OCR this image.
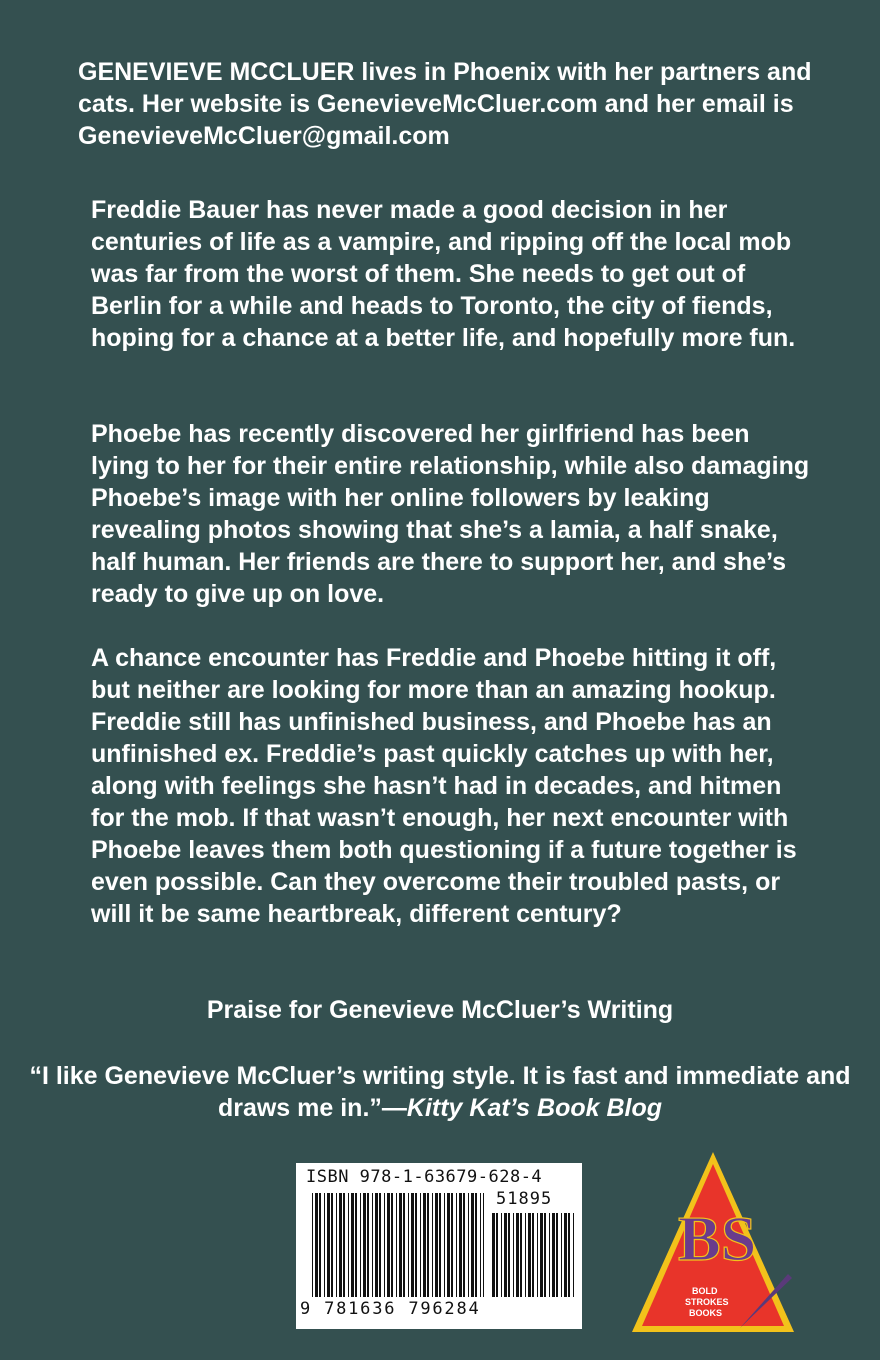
GENEVIEVE MCCLUER lives in Phoenix with her partners and cats. Her website is GenevieveMcCluer.com and her email is GenevieveMcCluer@gmail.com

Freddie Bauer has never made a good decision in her centuries of life as a vampire, and ripping off the local mob was far from the worst of them. She needs to get out of Berlin for a while and heads to Toronto, the city of fiends, hoping for a chance at a better life, and hopefully more fun.

Phoebe has recently discovered her girlfriend has been lying to her for their entire relationship, while also damaging Phoebe’s image with her online followers by leaking revealing photos showing that she’s a lamia, a half snake, half human. Her friends are there to support her, and she’s ready to give up on love.

A chance encounter has Freddie and Phoebe hitting it off, but neither are looking for more than an amazing hookup. Freddie still has unfinished business, and Phoebe has an unfinished ex. Freddie’s past quickly catches up with her, along with feelings she hasn’t had in decades, and hitmen for the mob. If that wasn’t enough, her next encounter with Phoebe leaves them both questioning if a future together is even possible. Can they overcome their troubled pasts, or will it be same heartbreak, different century?

Praise for Genevieve McCluer’s Writing

“I like Genevieve McCluer’s writing style. It is fast and immediate and draws me in.”—Kitty Kat’s Book Blog

ISBN 978-1-63679-628-4
51895
9 781636 796284
BS
BOLD
STROKES
BOOKS
